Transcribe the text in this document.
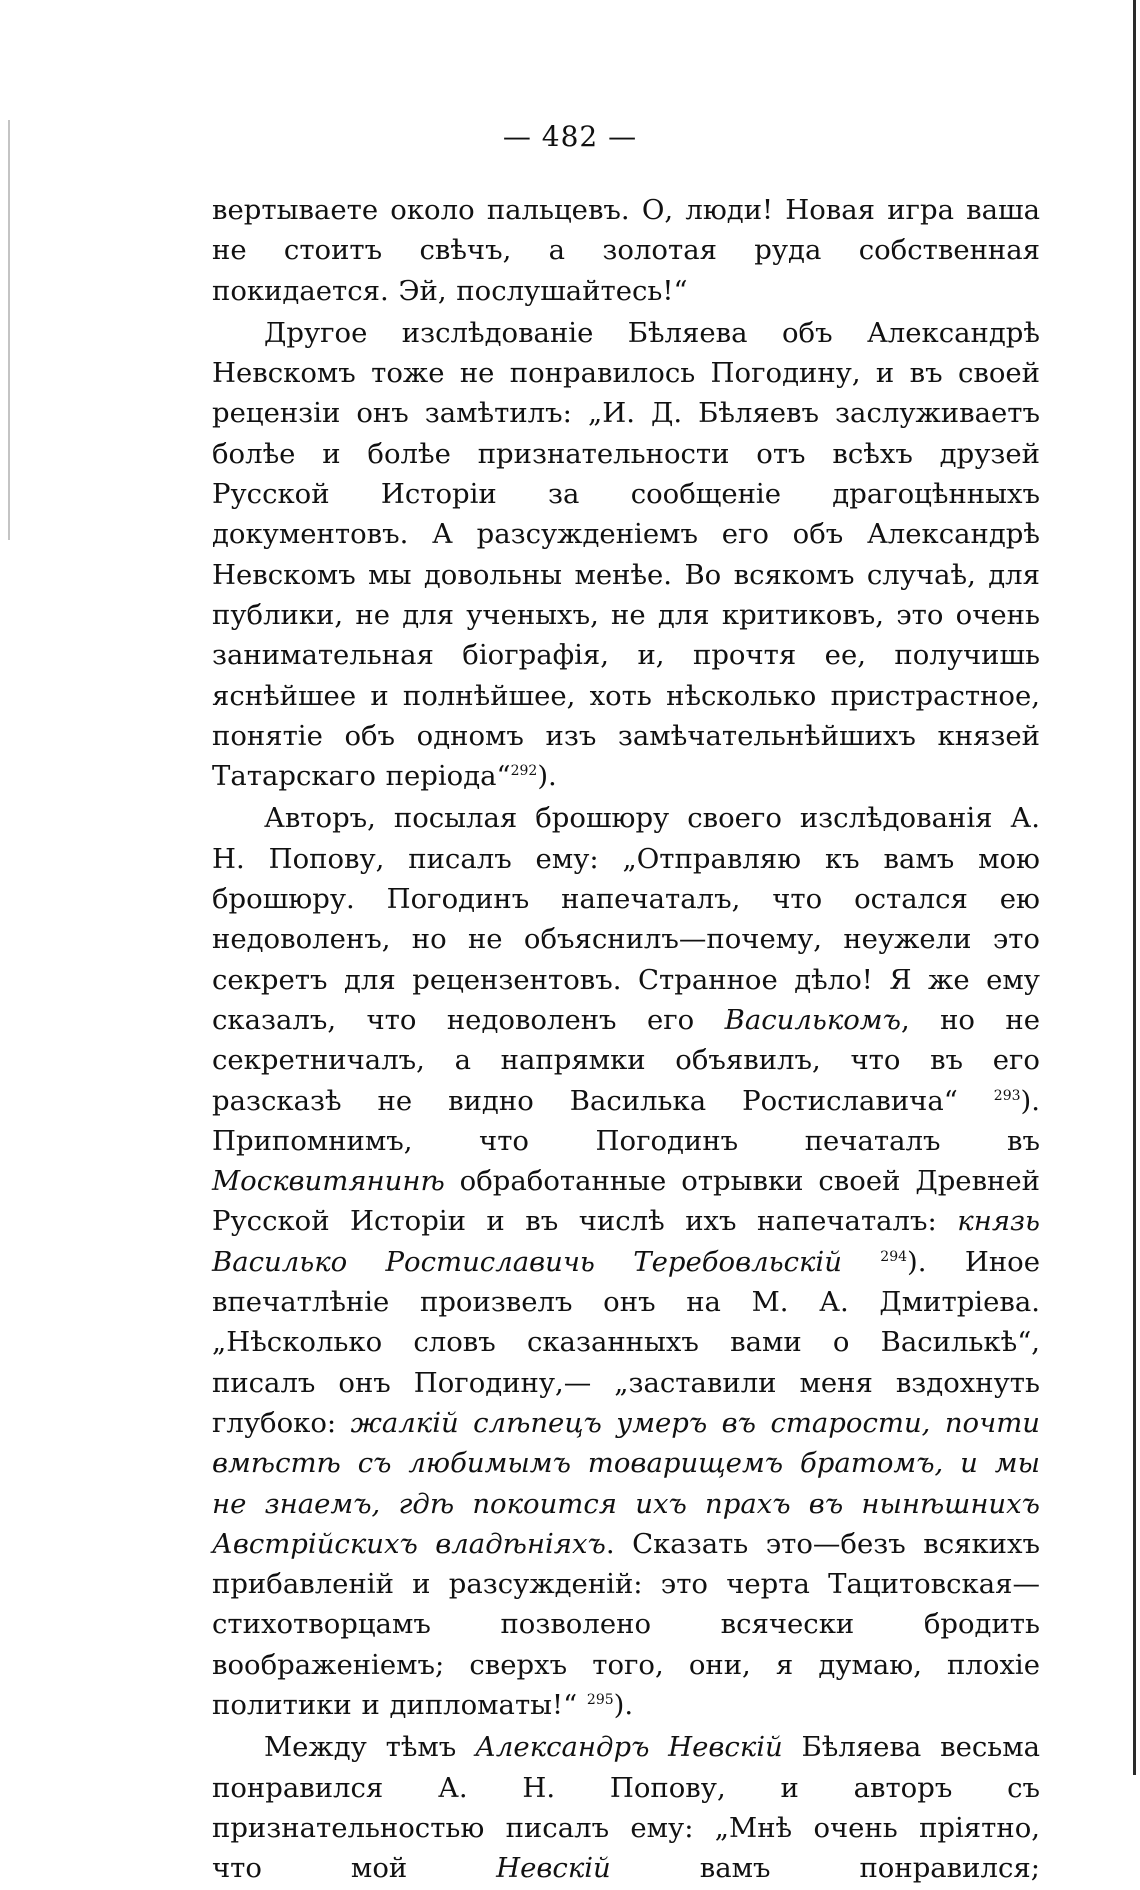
— 482 —

вертываете около пальцевъ. О, люди! Новая игра ваша не стоитъ свѣчъ, а золотая руда собственная покидается. Эй, послушайтесь!“

Другое изслѣдованіе Бѣляева объ Александрѣ Невскомъ тоже не понравилось Погодину, и въ своей рецензіи онъ замѣтилъ: „И. Д. Бѣляевъ заслуживаетъ болѣе и болѣе признательности отъ всѣхъ друзей Русской Исторіи за сообщеніе драгоцѣнныхъ документовъ. А разсужденіемъ его объ Александрѣ Невскомъ мы довольны менѣе. Во всякомъ случаѣ, для публики, не для ученыхъ, не для критиковъ, это очень занимательная біографія, и, прочтя ее, получишь яснѣйшее и полнѣйшее, хоть нѣсколько пристрастное, понятіе объ одномъ изъ замѣчательнѣйшихъ князей Татарскаго періода“$^{292}$).

Авторъ, посылая брошюру своего изслѣдованія А. Н. Попову, писалъ ему: „Отправляю къ вамъ мою брошюру. Погодинъ напечаталъ, что остался ею недоволенъ, но не объяснилъ—почему, неужели это секретъ для рецензентовъ. Странное дѣло! Я же ему сказалъ, что недоволенъ его Василькомъ, но не секретничалъ, а напрямки объявилъ, что въ его разсказѣ не видно Василька Ростиславича“ $^{293}$). Припомнимъ, что Погодинъ печаталъ въ Москвитянинѣ обработанные отрывки своей Древней Русской Исторіи и въ числѣ ихъ напечаталъ: князь Василько Ростиславичь Теребовльскій	$^{294}$). Иное впечатлѣніе произвелъ онъ на М. А. Дмитріева. „Нѣсколько словъ сказанныхъ вами о Василькѣ“, писалъ онъ Погодину,— „заставили меня вздохнуть глубоко: жалкій слѣпецъ умеръ въ старости, почти вмѣстѣ съ любимымъ товарищемъ братомъ, и мы не знаемъ, гдѣ покоится ихъ прахъ въ нынѣшнихъ Австрійскихъ владѣніяхъ. Сказать это—безъ всякихъ прибавленій и разсужденій: это черта Тацитовская—стихотворцамъ позволено всячески бродить воображеніемъ; сверхъ того, они, я думаю, плохіе политики и дипломаты!“ $^{295}$).

Между тѣмъ Александръ Невскій Бѣляева весьма понравился А. Н. Попову, и авторъ съ признательностью писалъ ему: „Мнѣ очень пріятно, что мой Невскій вамъ понравился;
